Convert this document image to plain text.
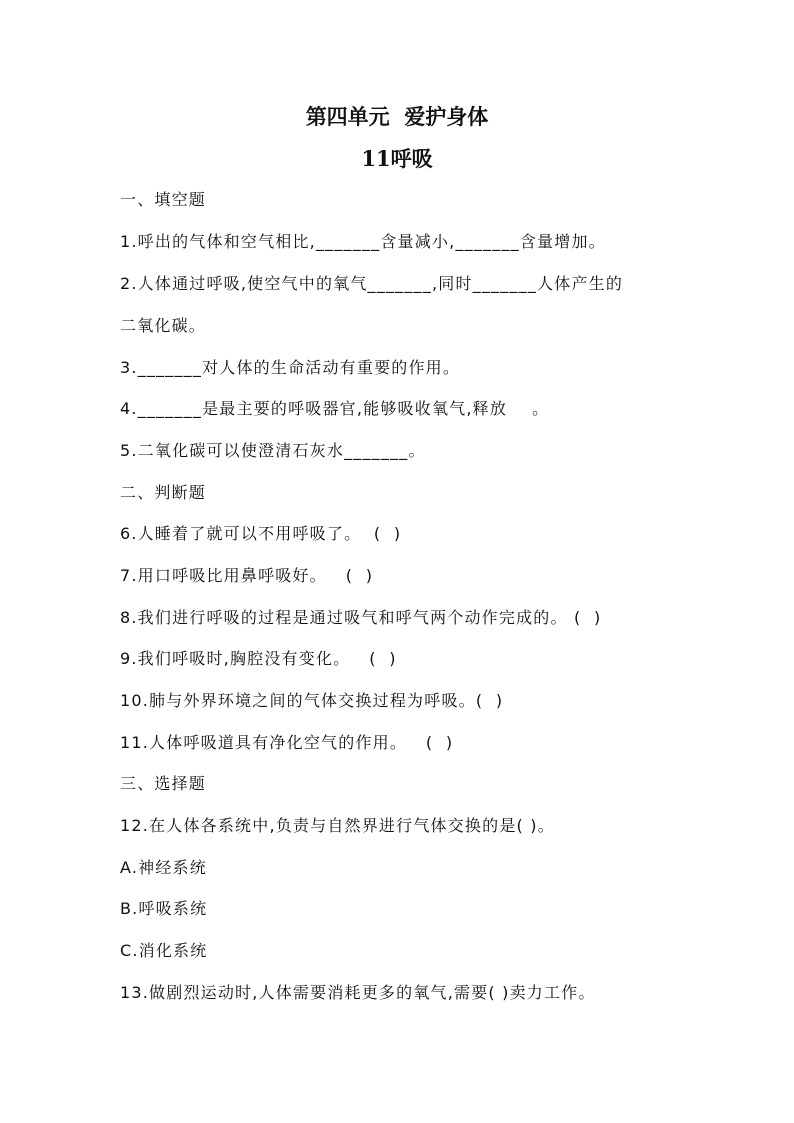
第四单元  爱护身体
11呼吸
一、填空题
1.呼出的气体和空气相比,_______含量减小,_______含量增加。
2.人体通过呼吸,使空气中的氧气_______,同时_______人体产生的
二氧化碳。
3._______对人体的生命活动有重要的作用。
4._______是最主要的呼吸器官,能够吸收氧气,释放    。
5.二氧化碳可以使澄清石灰水_______。
二、判断题
6.人睡着了就可以不用呼吸了。  (  )
7.用口呼吸比用鼻呼吸好。   (  )
8.我们进行呼吸的过程是通过吸气和呼气两个动作完成的。 (  )
9.我们呼吸时,胸腔没有变化。   (  )
10.肺与外界环境之间的气体交换过程为呼吸。(  )
11.人体呼吸道具有净化空气的作用。   (  )
三、选择题
12.在人体各系统中,负责与自然界进行气体交换的是( )。
A.神经系统
B.呼吸系统
C.消化系统
13.做剧烈运动时,人体需要消耗更多的氧气,需要( )卖力工作。
